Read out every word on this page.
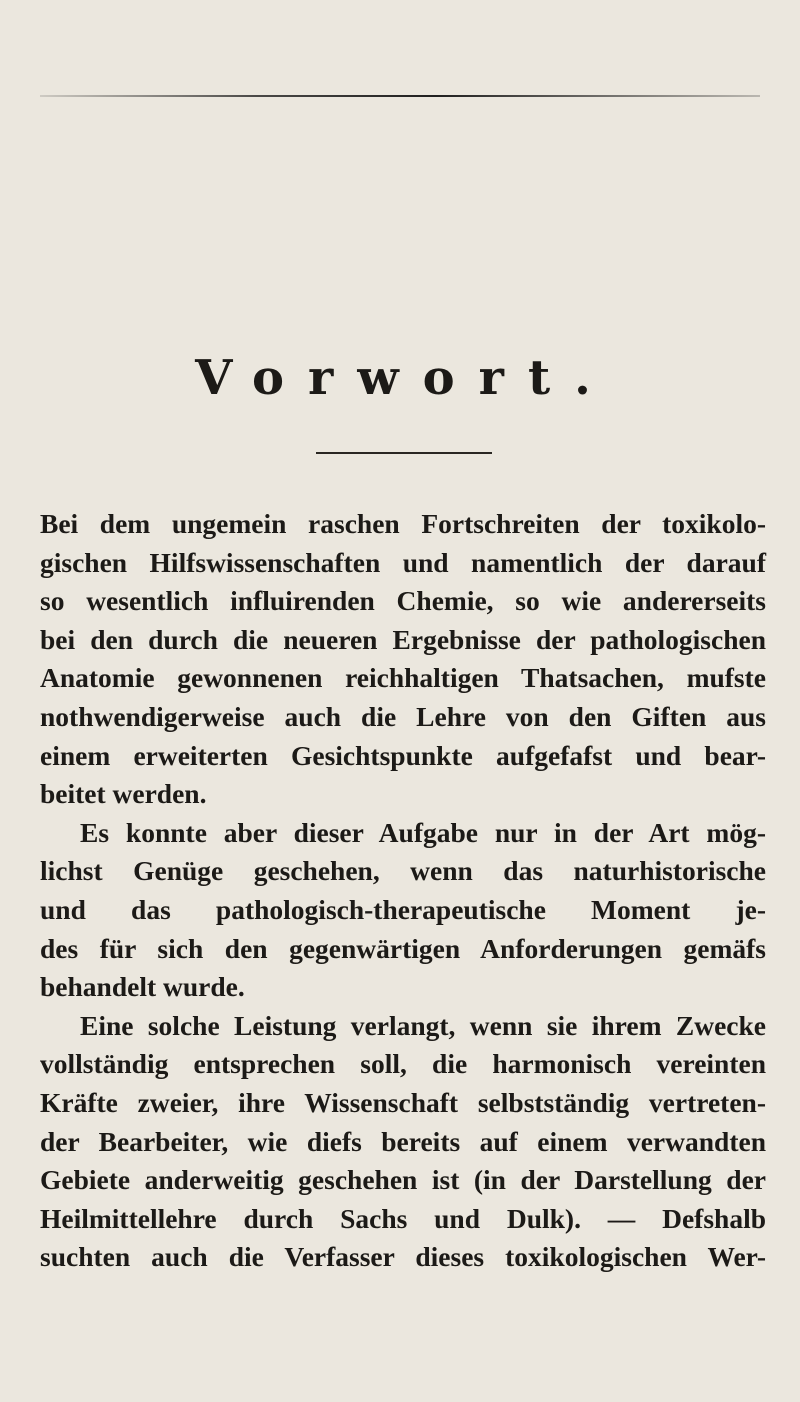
Vorwort.
Bei dem ungemein raschen Fortschreiten der toxikolo-
gischen Hilfswissenschaften und namentlich der darauf
so wesentlich influirenden Chemie, so wie andererseits
bei den durch die neueren Ergebnisse der pathologischen
Anatomie gewonnenen reichhaltigen Thatsachen, mufste
nothwendigerweise auch die Lehre von den Giften aus
einem erweiterten Gesichtspunkte aufgefafst und bear-
beitet werden.
Es konnte aber dieser Aufgabe nur in der Art mög-
lichst Genüge geschehen, wenn das naturhistorische
und das pathologisch-therapeutische Moment je-
des für sich den gegenwärtigen Anforderungen gemäfs
behandelt wurde.
Eine solche Leistung verlangt, wenn sie ihrem Zwecke
vollständig entsprechen soll, die harmonisch vereinten
Kräfte zweier, ihre Wissenschaft selbstständig vertreten-
der Bearbeiter, wie diefs bereits auf einem verwandten
Gebiete anderweitig geschehen ist (in der Darstellung der
Heilmittellehre durch Sachs und Dulk). — Defshalb
suchten auch die Verfasser dieses toxikologischen Wer-
